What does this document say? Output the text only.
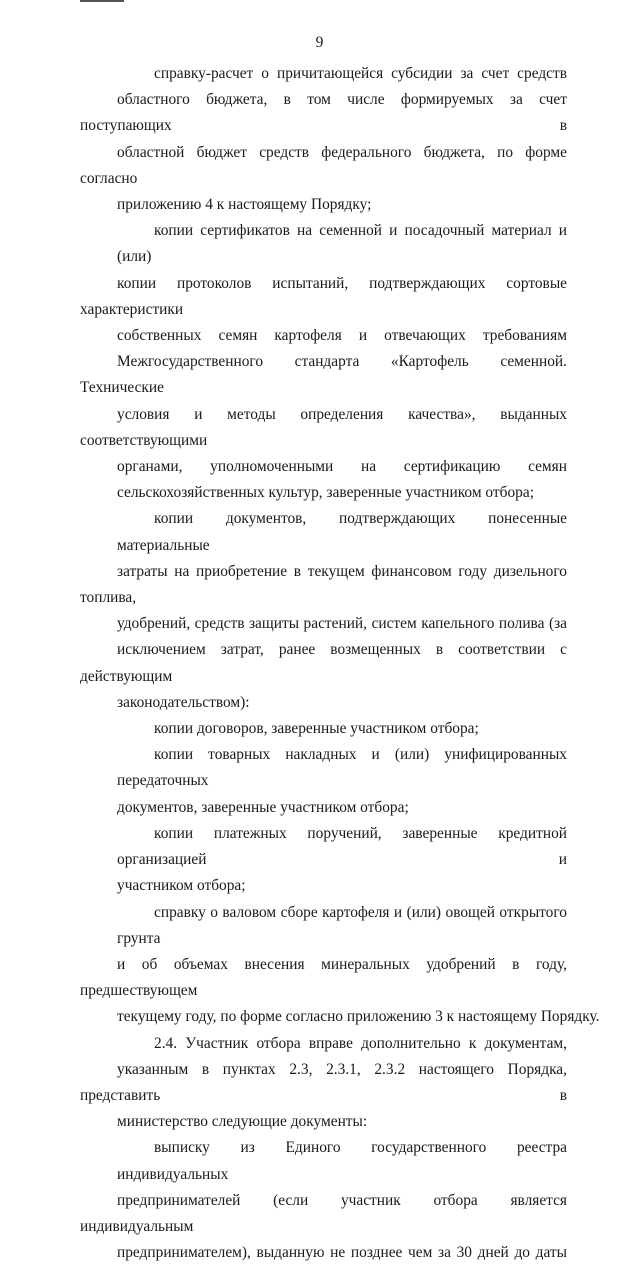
9

справку-расчет о причитающейся субсидии за счет средств
областного бюджета, в том числе формируемых за счет поступающих в
областной бюджет средств федерального бюджета, по форме согласно
приложению 4 к настоящему Порядку;

копии сертификатов на семенной и посадочный материал и (или)
копии протоколов испытаний, подтверждающих сортовые характеристики
собственных семян картофеля и отвечающих требованиям
Межгосударственного стандарта «Картофель семенной. Технические
условия и методы определения качества», выданных соответствующими
органами, уполномоченными на сертификацию семян
сельскохозяйственных культур, заверенные участником отбора;

копии документов, подтверждающих понесенные материальные
затраты на приобретение в текущем финансовом году дизельного топлива,
удобрений, средств защиты растений, систем капельного полива (за
исключением затрат, ранее возмещенных в соответствии с действующим
законодательством):

копии договоров, заверенные участником отбора;

копии товарных накладных и (или) унифицированных передаточных
документов, заверенные участником отбора;

копии платежных поручений, заверенные кредитной организацией и
участником отбора;

справку о валовом сборе картофеля и (или) овощей открытого грунта
и об объемах внесения минеральных удобрений в году, предшествующем
текущему году, по форме согласно приложению 3 к настоящему Порядку.

2.4. Участник отбора вправе дополнительно к документам,
указанным в пунктах 2.3, 2.3.1, 2.3.2 настоящего Порядка, представить в
министерство следующие документы:

выписку из Единого государственного реестра индивидуальных
предпринимателей (если участник отбора является индивидуальным
предпринимателем), выданную не позднее чем за 30 дней до даты
